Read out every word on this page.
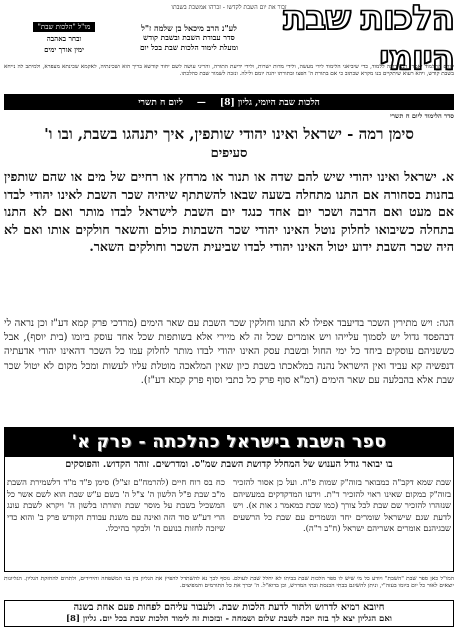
זכור את יום השבת לקדשו - זכרהו אמשכת בשבתו
הלכות שבת היומי
לע"נ הרב מיכאל בן שלמה ז"ל
סדר עבודת השבת ובשבת קודש
ומעלת לימוד הלכות שבת בכל יום
מו"ל "הלכות שבת"
ובחר באהבה
ימין אורך ימים
קודם התלמוד יאמר: הנני רוצה ללמוד, כדי שיביאני הלימוד לידי מעשה, ולידי מדות ישרות, ולידי ידיעת התורה, והריני עושה לשם יחוד קודשא בריך הוא ושכינתיה, לאקמא שכינתא מעפרא, ולמיתב לה נייחא בשבת קודש, ויהא רעוא שיתקיים בנו מקרא שכתוב כי אם בתורת ה' חפצו ובתורתו יהגה יומם ולילה. ונזכה לשמור שבת כהלכתו.
הלכות שבת היומי, גליון [8]
—
ליום ח תשרי
סדר הלימוד ליום ח תשרי
סימן רמה - ישראל ואינו יהודי שותפין, איך יתנהגו בשבת, ובו ו'
סעיפים
א. ישראל ואינו יהודי שיש להם שדה או תנור או מרחץ או רחיים של מים או שהם שותפין בחנות בסחורה אם התנו מתחלה בשעה שבאו להשתתף שיהיה שכר השבת לאינו יהודי לבדו אם מעט ואם הרבה ושכר יום אחד כנגד יום השבת לישראל לבדו מותר ואם לא התנו בתחלה כשיבואו לחלוק נוטל האינו יהודי שכר השבתות כולם והשאר חולקים אותו ואם לא היה שכר השבת ידוע יטול האינו יהודי לבדו שביעית השכר וחולקים השאר.
הגה: ויש מתירין השכר בדיעבד אפילו לא התנו וחולקין שכר השבת עם שאר הימים (מרדכי פרק קמא דע"ז וכן נראה לי דבהפסד גדול יש לסמוך עלייהו ויש אומרים שכל זה לא מיירי אלא בשותפות שכל אחד עוסק ביומו (בית יוסף), אבל כששניהם עוסקים ביחד כל ימי החול ובשבת עסק האינו יהודי לבדו מותר לחלוק עמו כל השכר דהאינו יהודי אדעתיה דנפשיה קא עביד ואין הישראל נהנה במלאכתו בשבת כיון שאין המלאכה מוטלת עליו לעשות ומכל מקום לא יטול שכר שבת אלא בהבלעה עם שאר הימים (רמ"א סוף פרק כל כתבי וסוף פרק קמא דע"ז).
ספר השבת בישראל כהלכתה - פרק א'
בו יבואר גודל הענוש של המחלל קדושת השבת שמ"ס. ומדרשים. זוהר הקדוש. והפוסקים
שבת שמא דקב"ה כמבואר בזוה"ק שמות פ"ח. ועל כן אסור להזכיר בזוה"ק במקום שאינו ראוי להזכיר ד"ת. וידעו המדקדקים במעשיהם שנזהרו להזכיר שם שבת לכל צורך (כמו שבת כמאמר ג אות א). ויש לדעת שגם שישראל שומרים יחד ונשמרים עם שבת כל הרשעים שבגיהנם אומרים אשריהם ישראל (ח"ב ר"ה).
כח בס רוח חיים (להרמח"ם זצ"ל) סימן פ"ד מ"ד דלשמירת השבת מ"ב שבת פ"ל הלשון ה' צ"ל ה' בשם ע"ש שבת הוא לשם אשר כל המשכיל בשבת על מוסר שבת ותורתו בלשון ה' ויקרא לשבת עונג הרי דע"ש סוד הזה ואינה עם משנת עבודת הקודש פרק ב' והוא כדי שיזכה לחזות בנועם ה' ולבקר בהיכלו.
המו"ל כאן ספר שבת "השבת" ויודע כל מי שיש לו ספר הלכות שבת בביתו לא יחלל שבת לעולם. נוסף לכך נא להשתדל להפיץ את הגליון בין בני המשפחה והידידים, ולתרום להחזקת הגליון. הגליונות יוצאים לאור כל יום ביומו בעזה"י, וניתן להשיגם בבתי הכנסת ובתי המדרש, וכן בדוא"ל. ה' יברך את כל התורמים והמפיצים.
חיובא רמיא לדרוש ולתור לדעת הלכות שבת. ולעבור עליהם לפחות פעם אחת בשנה
ואם הגליון יצא לך בזה יזכה לשבת שלום ושמחה - ובזכות זה לימוד הלכות שבת בכל יום. גליון [8]
